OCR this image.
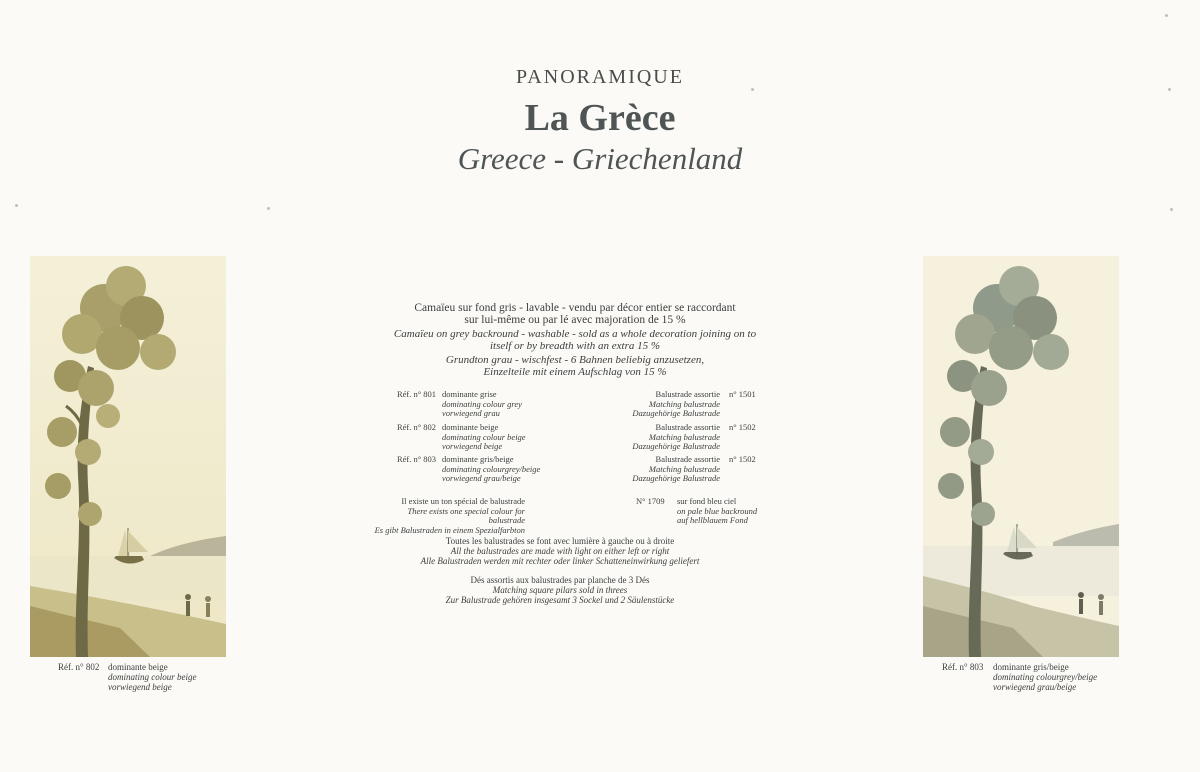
PANORAMIQUE

La Grèce

Greece - Griechenland

Réf. n° 802 dominante beige
dominating colour beige
vorwiegend beige
Réf. n° 803 dominante gris/beige
dominating colourgrey/beige
vorwiegend grau/beige

Camaïeu sur fond gris - lavable - vendu par décor entier se raccordant

sur lui-même ou par lé avec majoration de 15 %

Camaïeu on grey backround - washable - sold as a whole decoration joining on to

itself or by breadth with an extra 15 %

Grundton grau - wischfest - 6 Bahnen beliebig anzusetzen,

Einzelteile mit einem Aufschlag von 15 %

Réf. n° 801 dominante grise
dominating colour grey
vorwiegend grau
Réf. n° 802 dominante beige
dominating colour beige
vorwiegend beige
Réf. n° 803 dominante gris/beige
dominating colourgrey/beige
vorwiegend grau/beige
Balustrade assortie
Matching balustrade
Dazugehörige Balustrade
n° 1501
Balustrade assortie
Matching balustrade
Dazugehörige Balustrade
n° 1502
Balustrade assortie
Matching balustrade
Dazugehörige Balustrade
n° 1502
Il existe un ton spécial de balustrade
There exists one special colour for balustrade
Es gibt Balustraden in einem Spezialfarbton
N° 1709 sur fond bleu ciel
on pale blue backround
auf hellblauem Fond
Toutes les balustrades se font avec lumière à gauche ou à droite
All the balustrades are made with light on either left or right
Alle Balustraden werden mit rechter oder linker Schatteneinwirkung geliefert
Dés assortis aux balustrades par planche de 3 Dés
Matching square pilars sold in threes
Zur Balustrade gehören insgesamt 3 Sockel und 2 Säulenstücke
